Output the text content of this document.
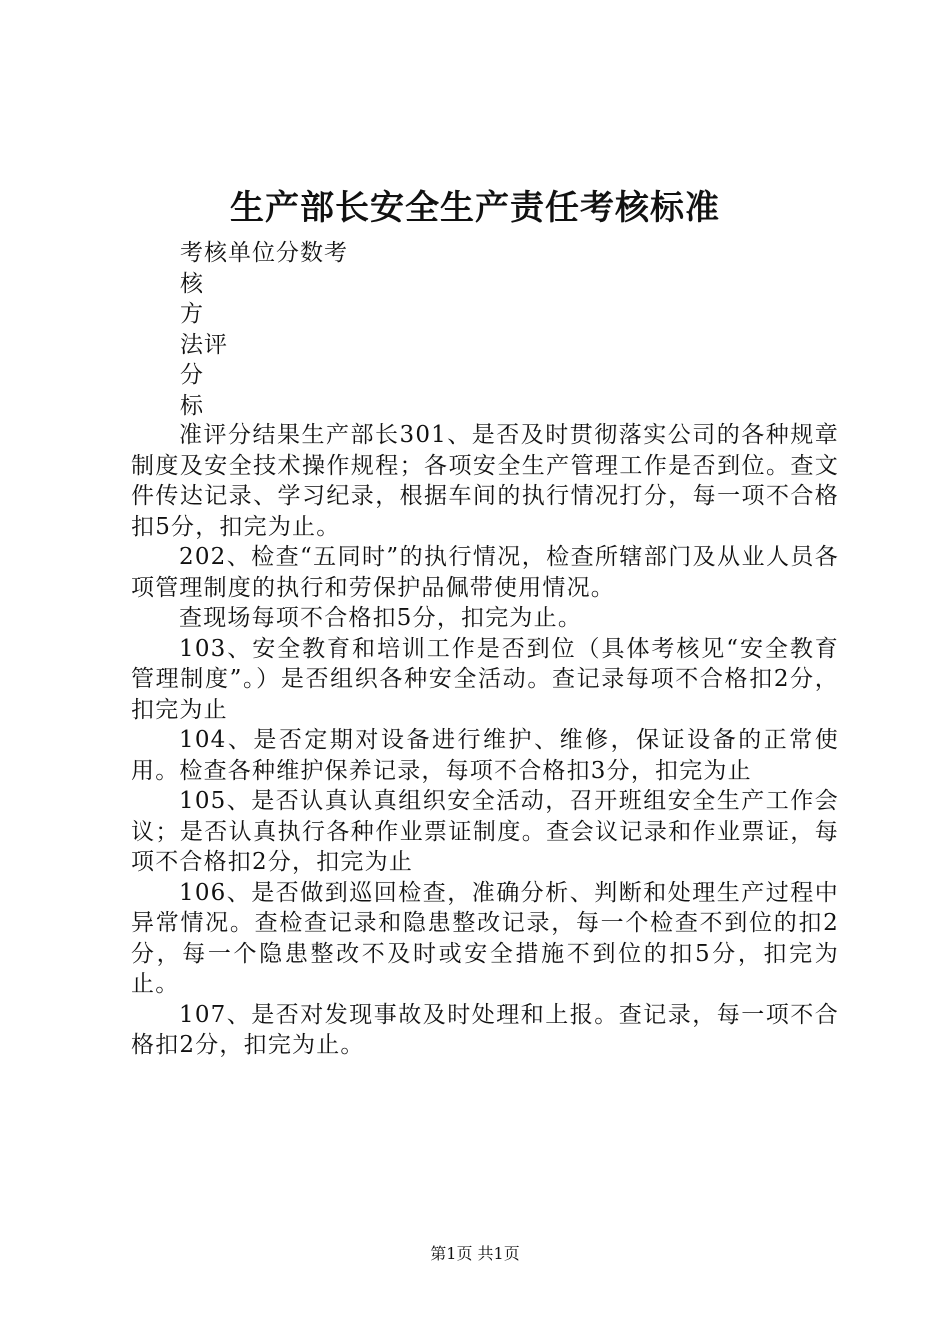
生产部长安全生产责任考核标准
考核单位分数考
核
方
法评
分
标

准评分结果生产部长301、是否及时贯彻落实公司的各种规章制度及安全技术操作规程；各项安全生产管理工作是否到位。查文件传达记录、学习纪录，根据车间的执行情况打分，每一项不合格扣5分，扣完为止。

202、检查“五同时”的执行情况，检查所辖部门及从业人员各项管理制度的执行和劳保护品佩带使用情况。

查现场每项不合格扣5分，扣完为止。

103、安全教育和培训工作是否到位（具体考核见“安全教育管理制度”。）是否组织各种安全活动。查记录每项不合格扣2分，扣完为止

104、是否定期对设备进行维护、维修，保证设备的正常使用。检查各种维护保养记录，每项不合格扣3分，扣完为止

105、是否认真认真组织安全活动，召开班组安全生产工作会议；是否认真执行各种作业票证制度。查会议记录和作业票证，每项不合格扣2分，扣完为止

106、是否做到巡回检查，准确分析、判断和处理生产过程中异常情况。查检查记录和隐患整改记录，每一个检查不到位的扣2分，每一个隐患整改不及时或安全措施不到位的扣5分，扣完为止。

107、是否对发现事故及时处理和上报。查记录，每一项不合格扣2分，扣完为止。

第1页 共1页
